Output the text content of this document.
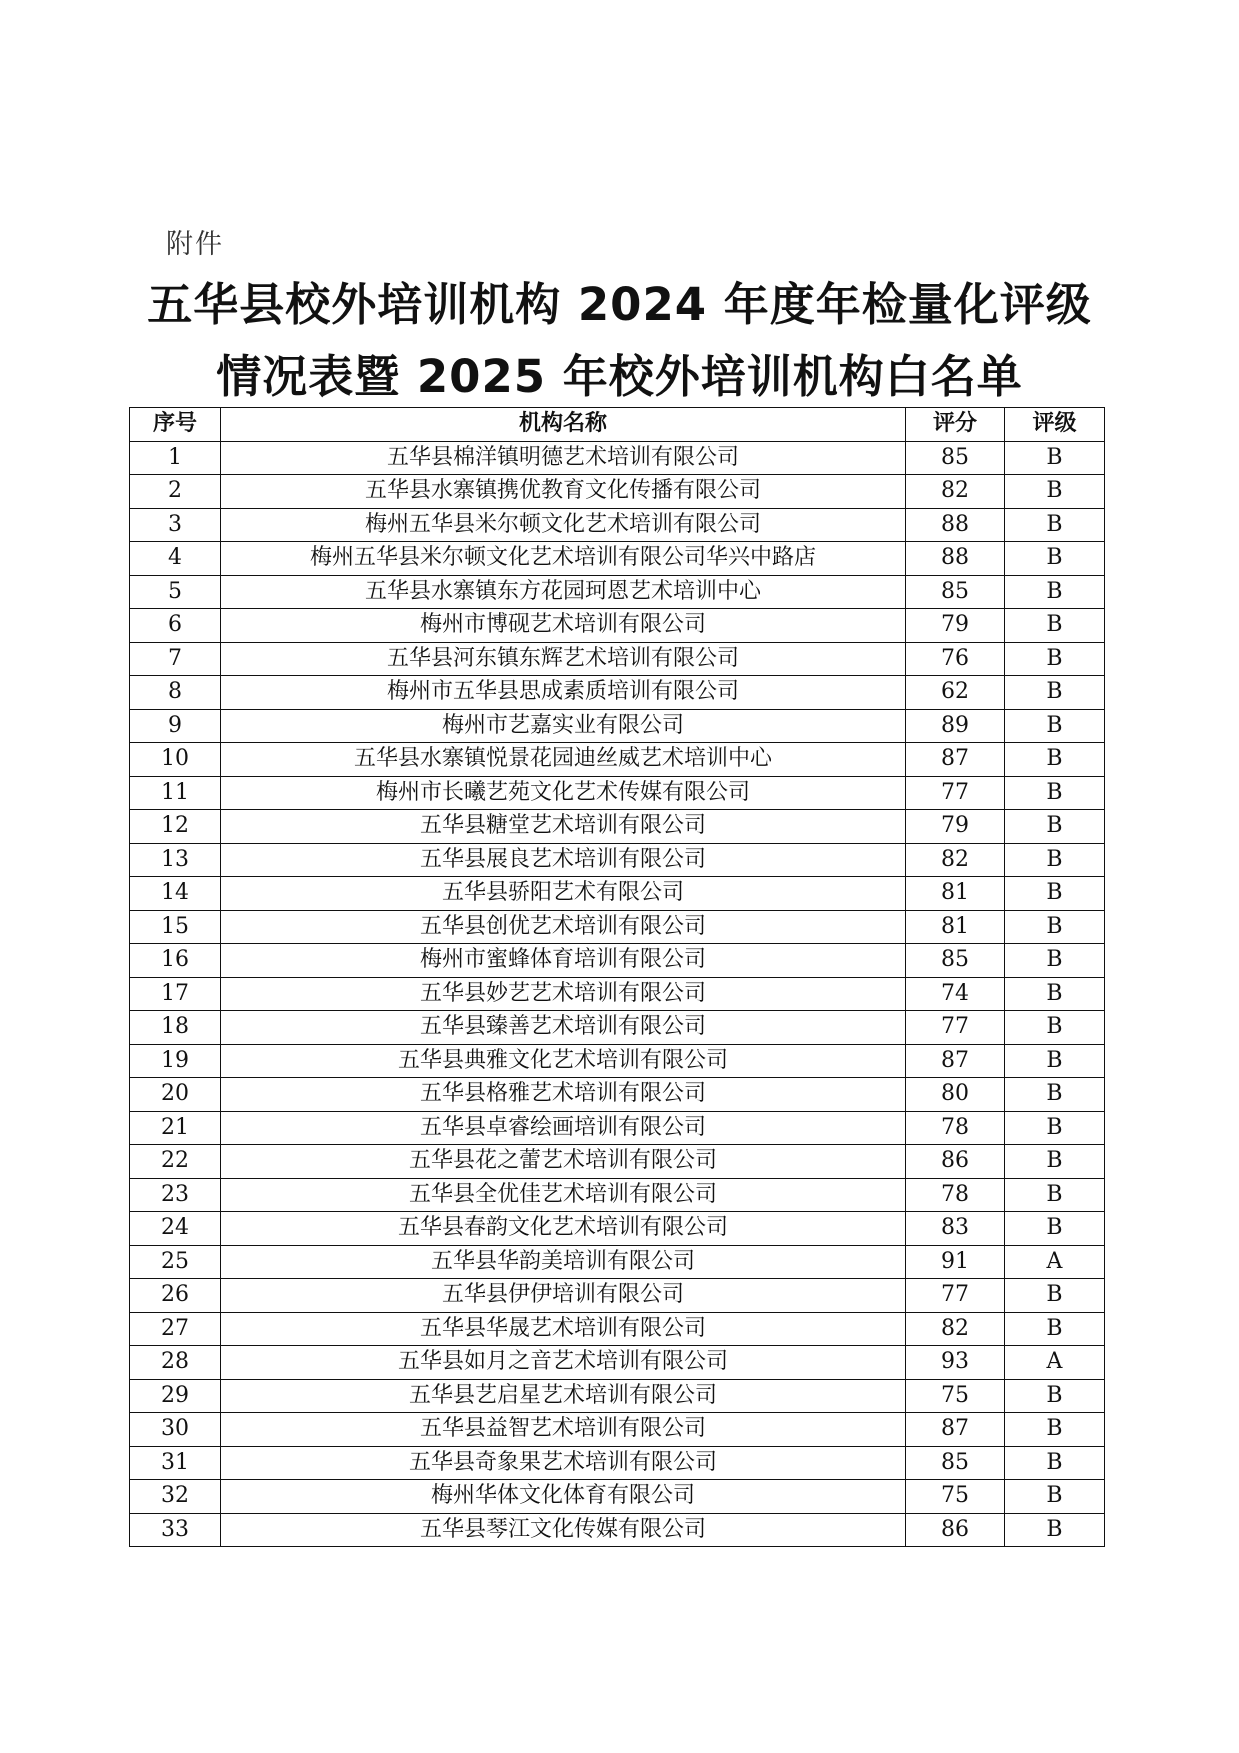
附件
五华县校外培训机构 2024 年度年检量化评级
情况表暨 2025 年校外培训机构白名单
序号	机构名称	评分	评级
1	五华县棉洋镇明德艺术培训有限公司	85	B
2	五华县水寨镇携优教育文化传播有限公司	82	B
3	梅州五华县米尔顿文化艺术培训有限公司	88	B
4	梅州五华县米尔顿文化艺术培训有限公司华兴中路店	88	B
5	五华县水寨镇东方花园珂恩艺术培训中心	85	B
6	梅州市博砚艺术培训有限公司	79	B
7	五华县河东镇东辉艺术培训有限公司	76	B
8	梅州市五华县思成素质培训有限公司	62	B
9	梅州市艺嘉实业有限公司	89	B
10	五华县水寨镇悦景花园迪丝威艺术培训中心	87	B
11	梅州市长曦艺苑文化艺术传媒有限公司	77	B
12	五华县糖堂艺术培训有限公司	79	B
13	五华县展良艺术培训有限公司	82	B
14	五华县骄阳艺术有限公司	81	B
15	五华县创优艺术培训有限公司	81	B
16	梅州市蜜蜂体育培训有限公司	85	B
17	五华县妙艺艺术培训有限公司	74	B
18	五华县臻善艺术培训有限公司	77	B
19	五华县典雅文化艺术培训有限公司	87	B
20	五华县格雅艺术培训有限公司	80	B
21	五华县卓睿绘画培训有限公司	78	B
22	五华县花之蕾艺术培训有限公司	86	B
23	五华县全优佳艺术培训有限公司	78	B
24	五华县春韵文化艺术培训有限公司	83	B
25	五华县华韵美培训有限公司	91	A
26	五华县伊伊培训有限公司	77	B
27	五华县华晟艺术培训有限公司	82	B
28	五华县如月之音艺术培训有限公司	93	A
29	五华县艺启星艺术培训有限公司	75	B
30	五华县益智艺术培训有限公司	87	B
31	五华县奇象果艺术培训有限公司	85	B
32	梅州华体文化体育有限公司	75	B
33	五华县琴江文化传媒有限公司	86	B
